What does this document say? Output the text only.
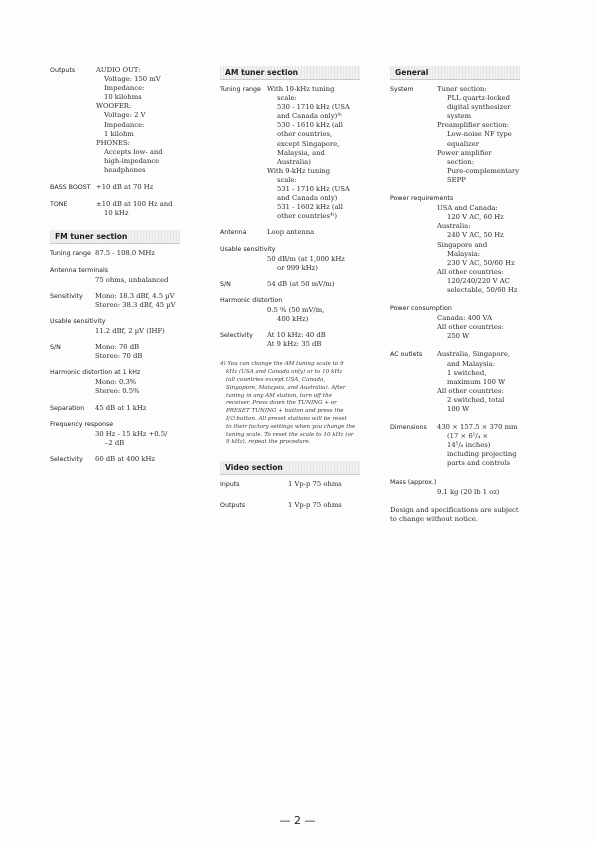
Outputs	AUDIO OUT:
Voltage: 150 mV
Impedance:
10 kilohms
WOOFER:
Voltage: 2 V
Impedance:
1 kilohm
PHONES:
Accepts low- and
high-impedance
headphones
BASS BOOST +10 dB at 70 Hz
TONE	±10 dB at 100 Hz and
10 kHz
FM tuner section
Tuning range 87.5 - 108.0 MHz
Antenna terminals
75 ohms, unbalanced
Sensitivity	Mono: 18.3 dBf, 4.5 µV
Stereo: 38.3 dBf, 45 µV
Usable sensitivity
11.2 dBf, 2 µV (IHF)
S/N	Mono: 76 dB
Stereo: 70 dB
Harmonic distortion at 1 kHz
Mono: 0.3%
Stereo: 0.5%
Separation	45 dB at 1 kHz
Frequency response
30 Hz - 15 kHz +0.5/
–2 dB
Selectivity	60 dB at 400 kHz
AM tuner section
Tuning range With 10-kHz tuning
scale:
530 - 1710 kHz (USA
and Canada only)⁴⁾
530 - 1610 kHz (all
other countries,
except Singapore,
Malaysia, and
Australia)
With 9-kHz tuning
scale:
531 - 1710 kHz (USA
and Canada only)
531 - 1602 kHz (all
other countries⁴⁾)
Antenna	Loop antenna
Usable sensitivity
50 dB/m (at 1,000 kHz
or 999 kHz)
S/N	54 dB (at 50 mV/m)
Harmonic distortion
0.5 % (50 mV/m,
400 kHz)
Selectivity	At 10 kHz: 40 dB
At 9 kHz: 35 dB
4) You can change the AM tuning scale to 9
kHz (USA and Canada only) or to 10 kHz
(all countries except USA, Canada,
Singapore, Malaysia, and Australia). After
tuning in any AM station, turn off the
receiver. Press down the TUNING + or
PRESET TUNING + button and press the
I/⏻ button. All preset stations will be reset
to their factory settings when you change the
tuning scale. To reset the scale to 10 kHz (or
9 kHz), repeat the procedure.
Video section
Inputs	1 Vp-p 75 ohms
Outputs	1 Vp-p 75 ohms
General
System	Tuner section:
PLL quartz-locked
digital synthesizer
system
Preamplifier section:
Low-noise NF type
equalizer
Power amplifier
section:
Pure-complementary
SEPP
Power requirements
USA and Canada:
120 V AC, 60 Hz
Australia:
240 V AC, 50 Hz
Singapore and
Malaysia:
230 V AC, 50/60 Hz
All other countries:
120/240/220 V AC
selectable, 50/60 Hz
Power consumption
Canada: 400 VA
All other countries:
250 W
AC outlets	Australia, Singapore,
and Malaysia:
1 switched,
maximum 100 W
All other countries:
2 switched, total
100 W
Dimensions	430 × 157.5 × 370 mm
(17 × 6¹/₄ ×
14⁵/₈ inches)
including projecting
parts and controls
Mass (approx.)
9.1 kg (20 lb 1 oz)
Design and specifications are subject
to change without notice.
— 2 —
